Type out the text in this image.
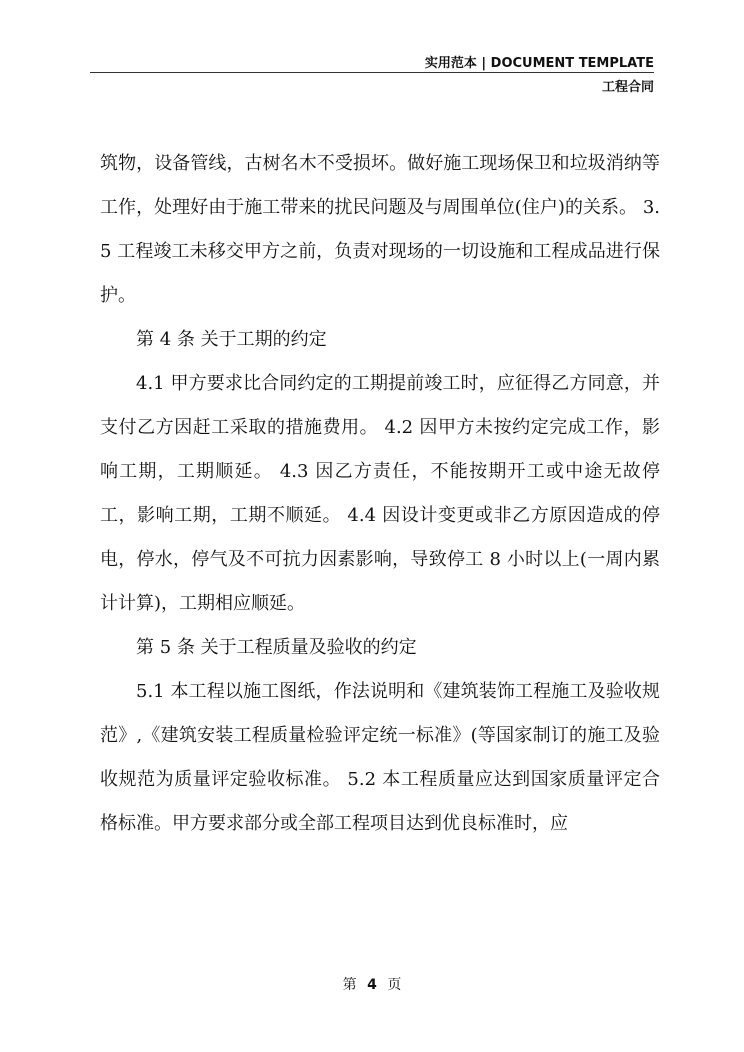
实用范本 | DOCUMENT TEMPLATE
工程合同

筑物，设备管线，古树名木不受损坏。做好施工现场保卫和垃圾消纳等工作，处理好由于施工带来的扰民问题及与周围单位(住户)的关系。 3.5 工程竣工未移交甲方之前，负责对现场的一切设施和工程成品进行保护。

第 4 条 关于工期的约定

4.1 甲方要求比合同约定的工期提前竣工时，应征得乙方同意，并支付乙方因赶工采取的措施费用。 4.2 因甲方未按约定完成工作，影响工期，工期顺延。 4.3 因乙方责任，不能按期开工或中途无故停工，影响工期，工期不顺延。 4.4 因设计变更或非乙方原因造成的停电，停水，停气及不可抗力因素影响，导致停工 8 小时以上(一周内累计计算)，工期相应顺延。

第 5 条 关于工程质量及验收的约定

5.1 本工程以施工图纸，作法说明和《建筑装饰工程施工及验收规范》,《建筑安装工程质量检验评定统一标准》(等国家制订的施工及验收规范为质量评定验收标准。 5.2 本工程质量应达到国家质量评定合格标准。甲方要求部分或全部工程项目达到优良标准时，应

第 4 页
